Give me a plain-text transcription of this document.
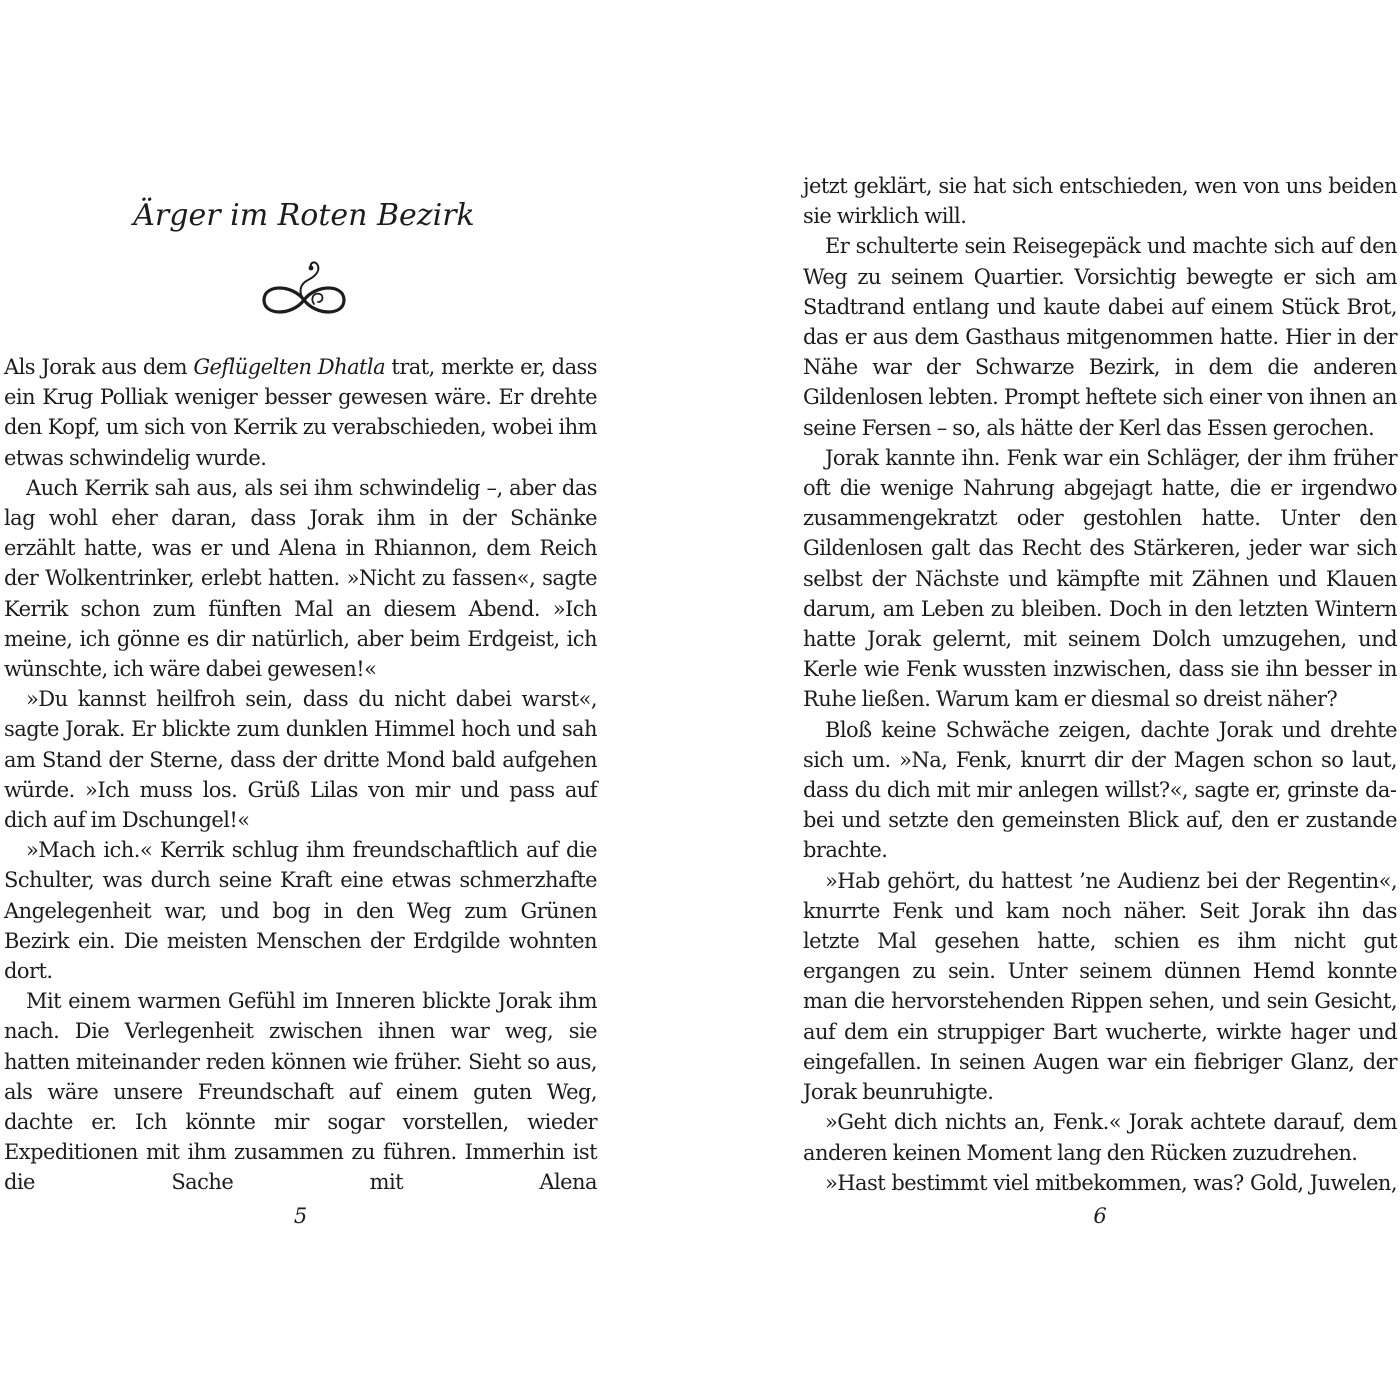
Ärger im Roten Bezirk

Als Jorak aus dem Geflügelten Dhatla trat, merkte er, dass ein Krug Polliak weniger besser gewesen wäre. Er drehte den Kopf, um sich von Kerrik zu verabschieden, wobei ihm etwas schwindelig wurde.

Auch Kerrik sah aus, als sei ihm schwindelig –, aber das lag wohl eher daran, dass Jorak ihm in der Schänke erzählt hatte, was er und Alena in Rhiannon, dem Reich der Wolkentrinker, erlebt hatten. »Nicht zu fassen«, sagte Kerrik schon zum fünften Mal an diesem Abend. »Ich meine, ich gönne es dir natürlich, aber beim Erdgeist, ich wünschte, ich wäre dabei gewesen!«

»Du kannst heilfroh sein, dass du nicht dabei warst«, sagte Jorak. Er blickte zum dunklen Himmel hoch und sah am Stand der Sterne, dass der dritte Mond bald aufgehen würde. »Ich muss los. Grüß Lilas von mir und pass auf dich auf im Dschungel!«

»Mach ich.« Kerrik schlug ihm freundschaftlich auf die Schulter, was durch seine Kraft eine etwas schmerzhafte Angelegenheit war, und bog in den Weg zum Grünen Bezirk ein. Die meisten Menschen der Erdgilde wohnten dort.

Mit einem warmen Gefühl im Inneren blickte Jorak ihm nach. Die Verlegenheit zwischen ihnen war weg, sie hatten miteinander reden können wie früher. Sieht so aus, als wäre unsere Freundschaft auf einem guten Weg, dachte er. Ich könnte mir sogar vorstellen, wieder Expeditionen mit ihm zusammen zu führen. Immerhin ist die Sache mit Alena

5

jetzt geklärt, sie hat sich entschieden, wen von uns beiden sie wirklich will.

Er schulterte sein Reisegepäck und machte sich auf den Weg zu seinem Quartier. Vorsichtig bewegte er sich am Stadtrand entlang und kaute dabei auf einem Stück Brot, das er aus dem Gasthaus mitgenommen hatte. Hier in der Nähe war der Schwarze Bezirk, in dem die anderen Gildenlosen lebten. Prompt heftete sich einer von ihnen an seine Fersen – so, als hätte der Kerl das Essen gerochen.

Jorak kannte ihn. Fenk war ein Schläger, der ihm früher oft die wenige Nahrung abgejagt hatte, die er irgendwo zusammengekratzt oder gestohlen hatte. Unter den Gildenlosen galt das Recht des Stärkeren, jeder war sich selbst der Nächste und kämpfte mit Zähnen und Klauen darum, am Leben zu bleiben. Doch in den letzten Wintern hatte Jorak gelernt, mit seinem Dolch umzugehen, und Kerle wie Fenk wussten inzwischen, dass sie ihn besser in Ruhe ließen. Warum kam er diesmal so dreist näher?

Bloß keine Schwäche zeigen, dachte Jorak und drehte sich um. »Na, Fenk, knurrt dir der Magen schon so laut, dass du dich mit mir anlegen willst?«, sagte er, grinste dabei und setzte den gemeinsten Blick auf, den er zustande brachte.

»Hab gehört, du hattest ’ne Audienz bei der Regentin«, knurrte Fenk und kam noch näher. Seit Jorak ihn das letzte Mal gesehen hatte, schien es ihm nicht gut ergangen zu sein. Unter seinem dünnen Hemd konnte man die hervorstehenden Rippen sehen, und sein Gesicht, auf dem ein struppiger Bart wucherte, wirkte hager und eingefallen. In seinen Augen war ein fiebriger Glanz, der Jorak beunruhigte.

»Geht dich nichts an, Fenk.« Jorak achtete darauf, dem anderen keinen Moment lang den Rücken zuzudrehen.

»Hast bestimmt viel mitbekommen, was? Gold, Juwelen,

6
